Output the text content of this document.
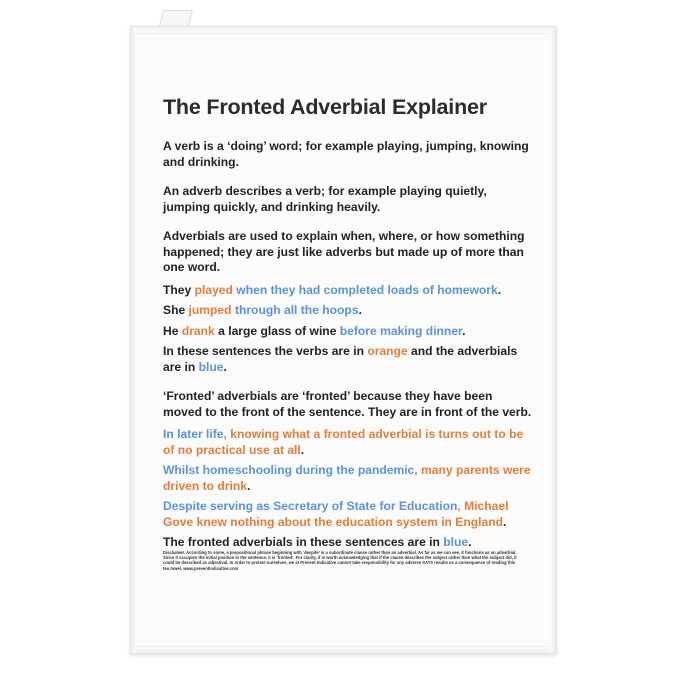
The Fronted Adverbial Explainer

A verb is a ‘doing’ word; for example playing, jumping, knowing and drinking.

An adverb describes a verb; for example playing quietly, jumping quickly, and drinking heavily.

Adverbials are used to explain when, where, or how something happened; they are just like adverbs but made up of more than one word.

They played when they had completed loads of homework.

She jumped through all the hoops.

He drank a large glass of wine before making dinner.

In these sentences the verbs are in orange and the adverbials are in blue.

‘Fronted’ adverbials are ‘fronted’ because they have been moved to the front of the sentence. They are in front of the verb.

In later life, knowing what a fronted adverbial is turns out to be of no practical use at all.

Whilst homeschooling during the pandemic, many parents were driven to drink.

Despite serving as Secretary of State for Education, Michael Gove knew nothing about the education system in England.

The fronted adverbials in these sentences are in blue.

Disclaimer. According to some, a prepositional phrase beginning with ‘despite’ is a subordinate clause rather than an adverbial. As far as we can see, it functions as an adverbial. Since it occupies the initial position in the sentence, it is ‘fronted’. For clarity, it is worth acknowledging that if the clause describes the subject rather than what the subject did, it could be described as adjectival. In order to protect ourselves, we at Present Indicative cannot take responsibility for any adverse SATS results as a consequence of reading this tea towel. www.presentindicative.com
